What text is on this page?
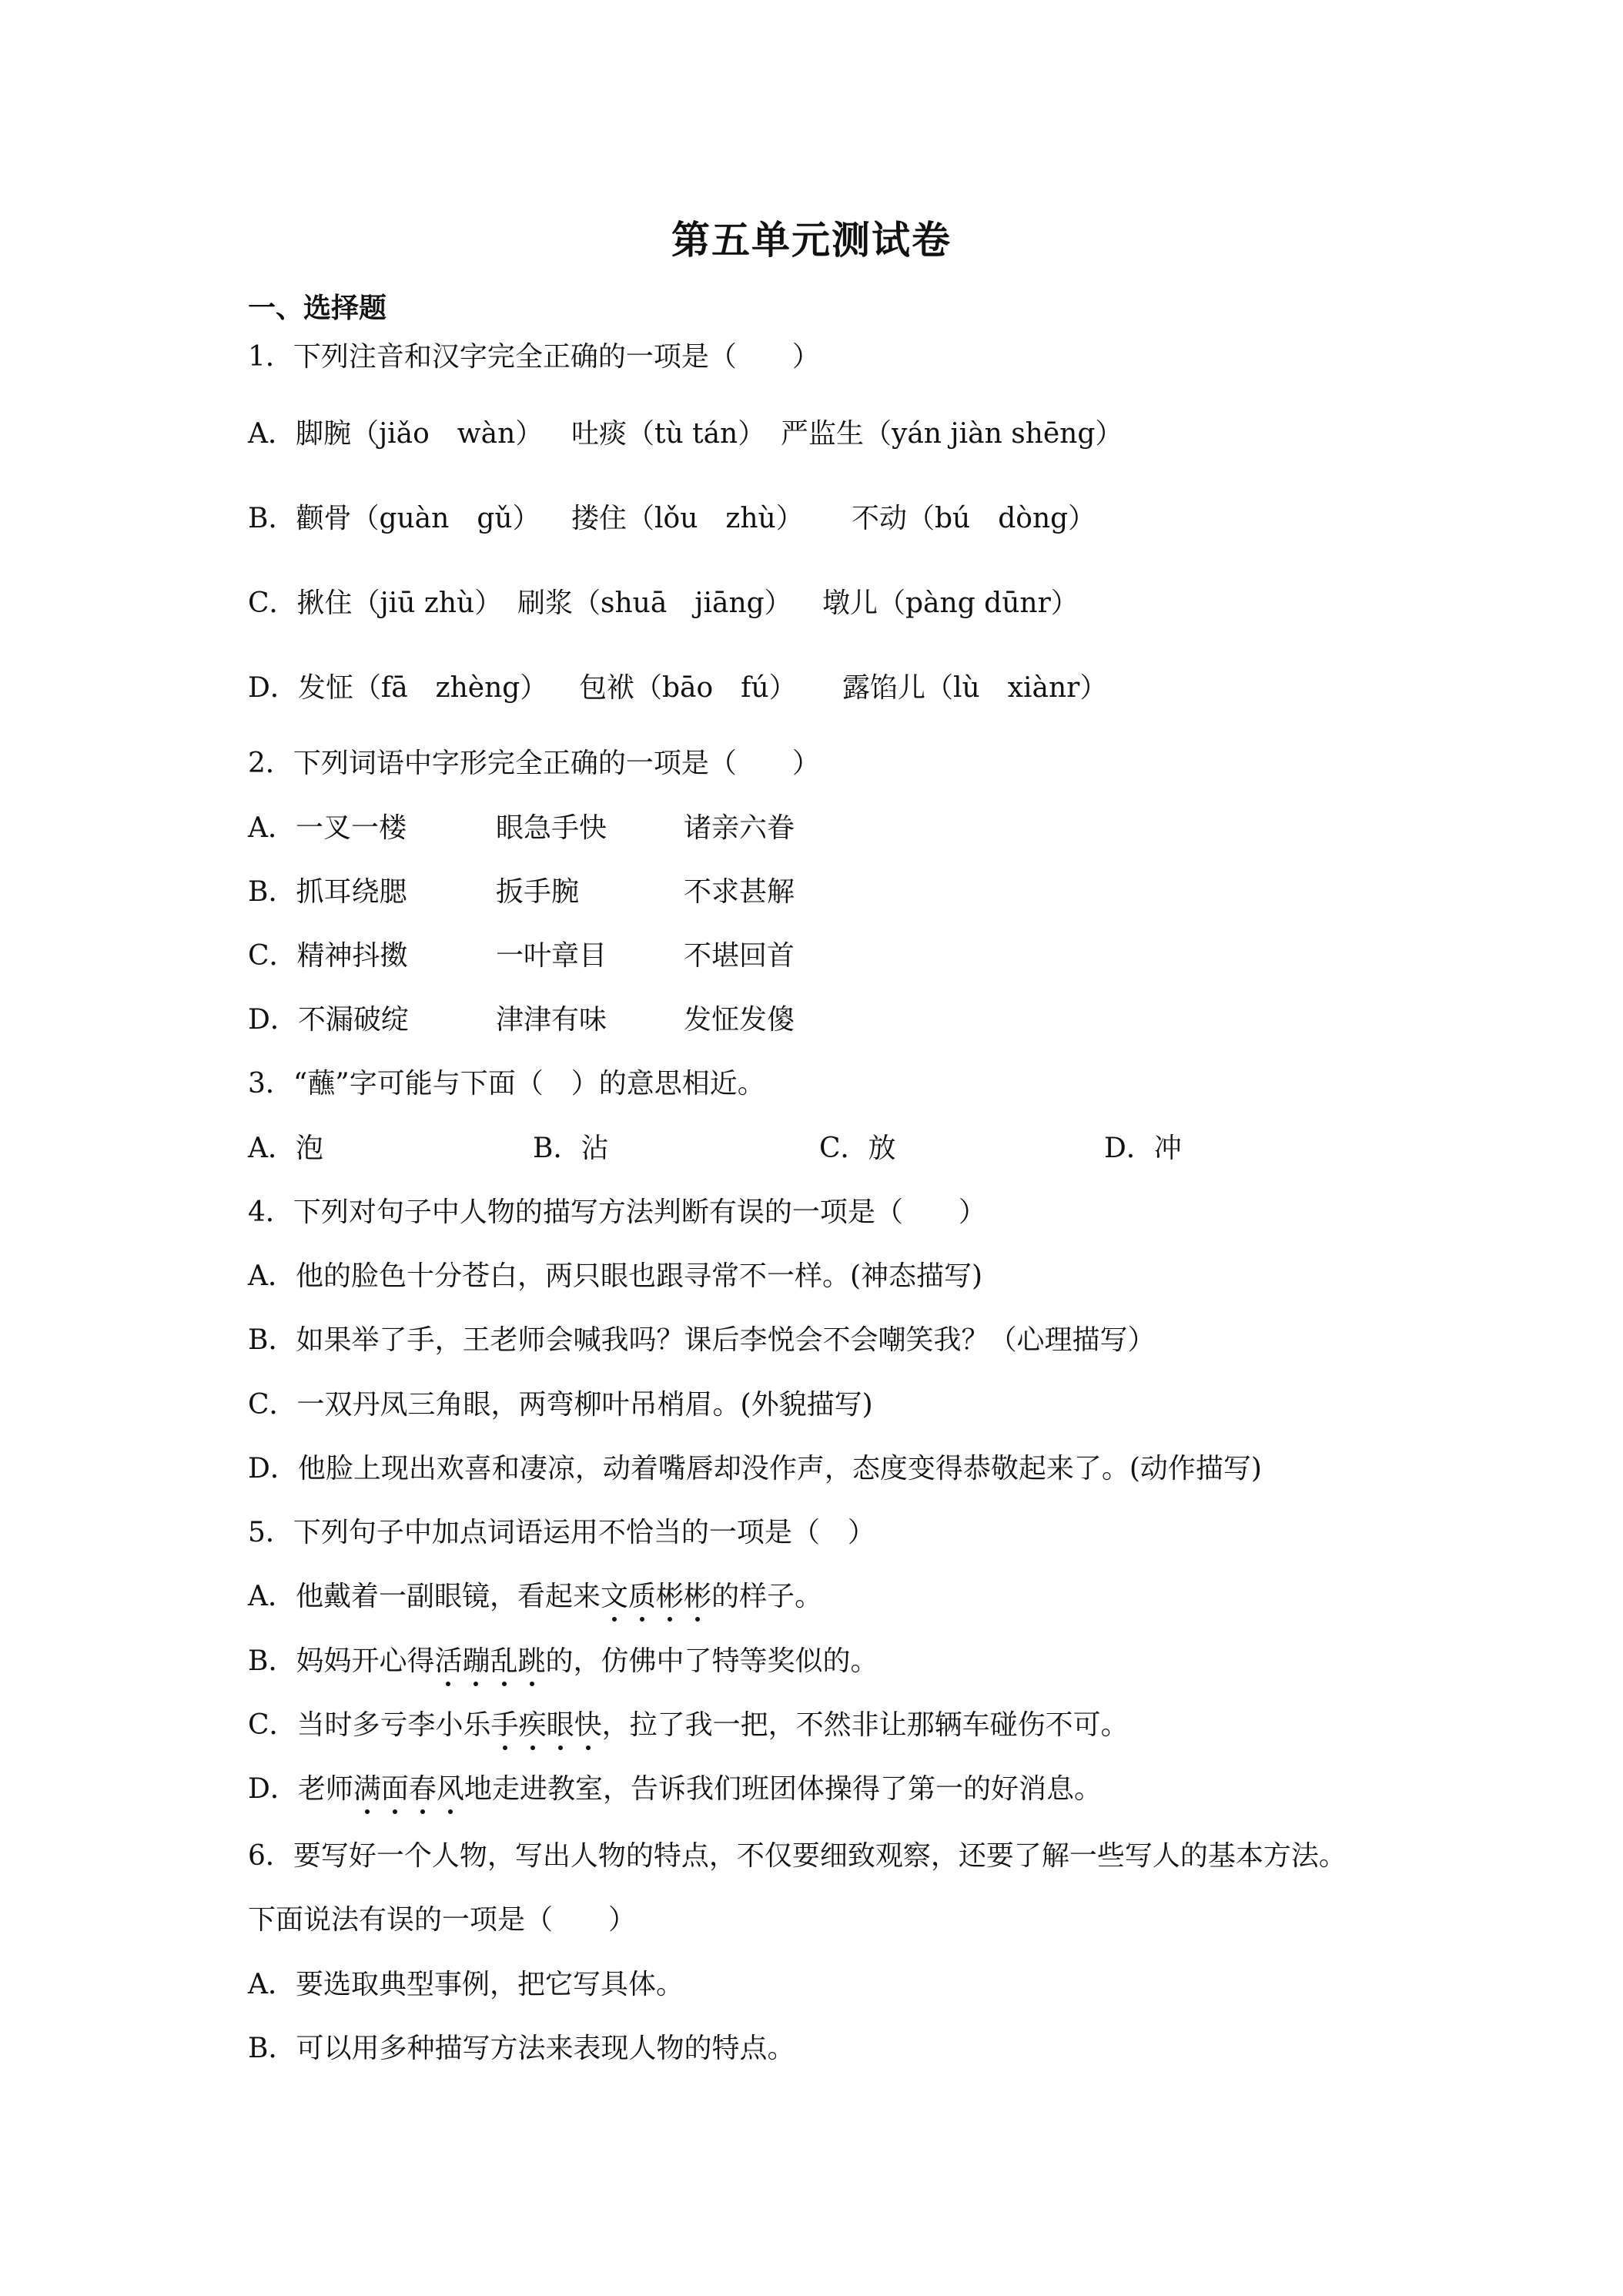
第五单元测试卷
一、选择题
1．下列注音和汉字完全正确的一项是（　　）
A．脚腕（jiǎo　wàn） 吐痰（tù tán） 严监生（yán jiàn shēng）
B．颧骨（guàn　gǔ） 搂住（lǒu　zhù） 不动（bú　dòng）
C．揪住（jiū zhù） 刷浆（shuā　jiāng） 墩儿（pàng dūnr）
D．发怔（fā　zhèng） 包袱（bāo　fú） 露馅儿（lù　xiànr）
2．下列词语中字形完全正确的一项是（　　）
A．一叉一楼	眼急手快	诸亲六眷
B．抓耳绕腮	扳手腕	不求甚解
C．精神抖擞	一叶章目	不堪回首
D．不漏破绽	津津有味	发怔发傻
3．“蘸”字可能与下面（　）的意思相近。
A．泡	B．沾	C．放	D．冲
4．下列对句子中人物的描写方法判断有误的一项是（　　）
A．他的脸色十分苍白，两只眼也跟寻常不一样。(神态描写)
B．如果举了手，王老师会喊我吗？课后李悦会不会嘲笑我？（心理描写）
C．一双丹凤三角眼，两弯柳叶吊梢眉。(外貌描写)
D．他脸上现出欢喜和凄凉，动着嘴唇却没作声，态度变得恭敬起来了。(动作描写)
5．下列句子中加点词语运用不恰当的一项是（　）
A．他戴着一副眼镜，看起来文质彬彬的样子。
B．妈妈开心得活蹦乱跳的，仿佛中了特等奖似的。
C．当时多亏李小乐手疾眼快，拉了我一把，不然非让那辆车碰伤不可。
D．老师满面春风地走进教室，告诉我们班团体操得了第一的好消息。
6．要写好一个人物，写出人物的特点，不仅要细致观察，还要了解一些写人的基本方法。
下面说法有误的一项是（　　）
A．要选取典型事例，把它写具体。
B．可以用多种描写方法来表现人物的特点。
